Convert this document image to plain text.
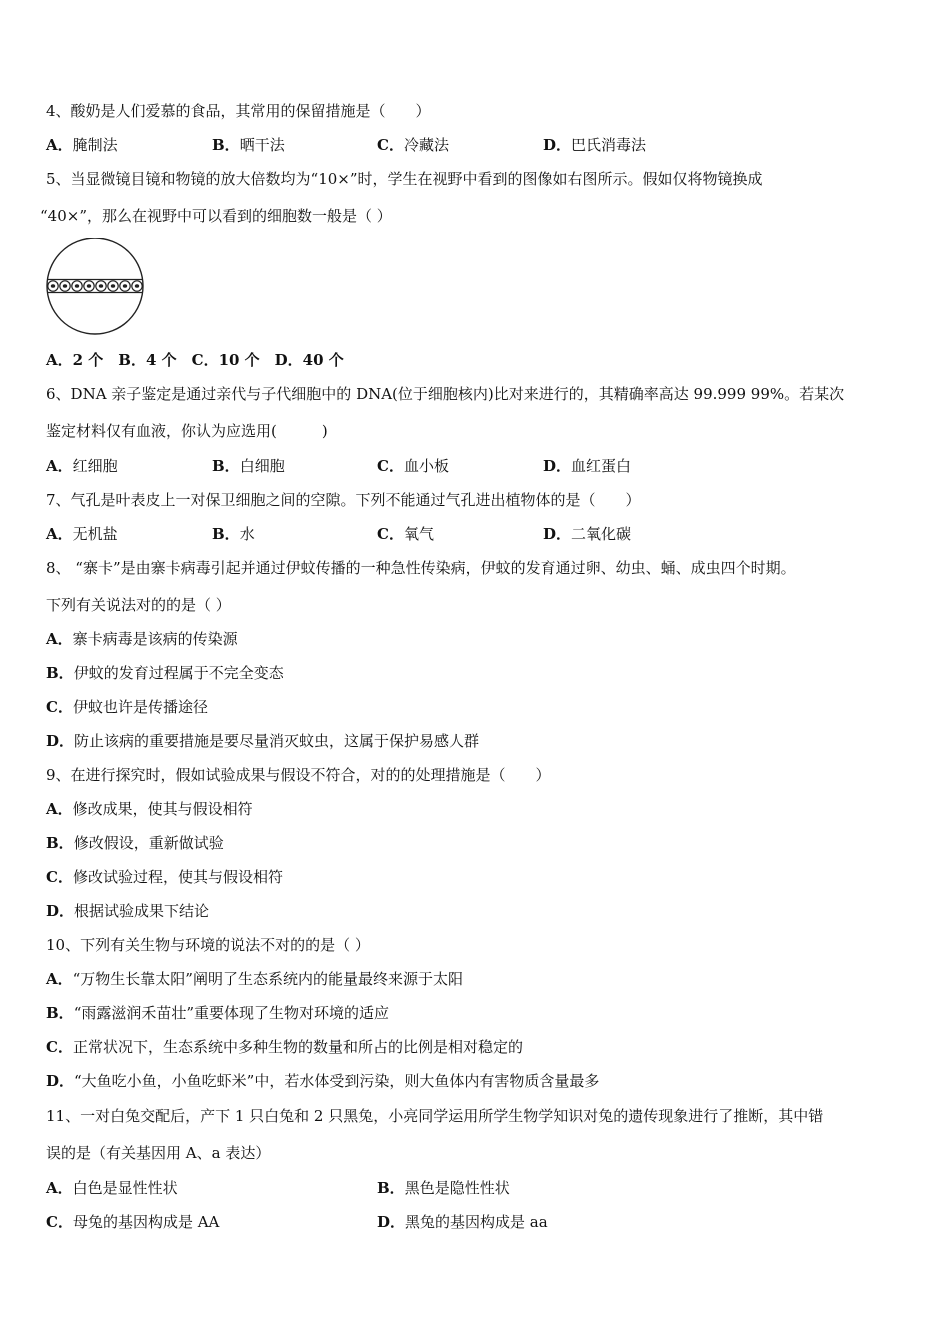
4、酸奶是人们爱慕的食品，其常用的保留措施是（　　）
A．腌制法	B．晒干法	C．冷藏法	D．巴氏消毒法
5、当显微镜目镜和物镜的放大倍数均为“10×”时，学生在视野中看到的图像如右图所示。假如仅将物镜换成
“40×”，那么在视野中可以看到的细胞数一般是（ ）
A．2 个　B．4 个　C．10 个　D．40 个
6、DNA 亲子鉴定是通过亲代与子代细胞中的 DNA(位于细胞核内)比对来进行的，其精确率高达 99.999 99%。若某次
鉴定材料仅有血液，你认为应选用(　　　)
A．红细胞	B．白细胞	C．血小板	D．血红蛋白
7、气孔是叶表皮上一对保卫细胞之间的空隙。下列不能通过气孔进出植物体的是（　　）
A．无机盐	B．水	C．氧气	D．二氧化碳
8、 “寨卡”是由寨卡病毒引起并通过伊蚊传播的一种急性传染病，伊蚊的发育通过卵、幼虫、蛹、成虫四个时期。
下列有关说法对的的是（ ）
A．寨卡病毒是该病的传染源
B．伊蚊的发育过程属于不完全变态
C．伊蚊也许是传播途径
D．防止该病的重要措施是要尽量消灭蚊虫，这属于保护易感人群
9、在进行探究时，假如试验成果与假设不符合，对的的处理措施是（　　）
A．修改成果，使其与假设相符
B．修改假设，重新做试验
C．修改试验过程，使其与假设相符
D．根据试验成果下结论
10、下列有关生物与环境的说法不对的的是（ ）
A．“万物生长靠太阳”阐明了生态系统内的能量最终来源于太阳
B．“雨露滋润禾苗壮”重要体现了生物对环境的适应
C．正常状况下，生态系统中多种生物的数量和所占的比例是相对稳定的
D．“大鱼吃小鱼，小鱼吃虾米”中，若水体受到污染，则大鱼体内有害物质含量最多
11、一对白兔交配后，产下 1 只白兔和 2 只黑兔，小亮同学运用所学生物学知识对兔的遗传现象进行了推断，其中错
误的是（有关基因用 A、a 表达）
A．白色是显性性状	B．黑色是隐性性状
C．母兔的基因构成是 AA	D．黑兔的基因构成是 aa
